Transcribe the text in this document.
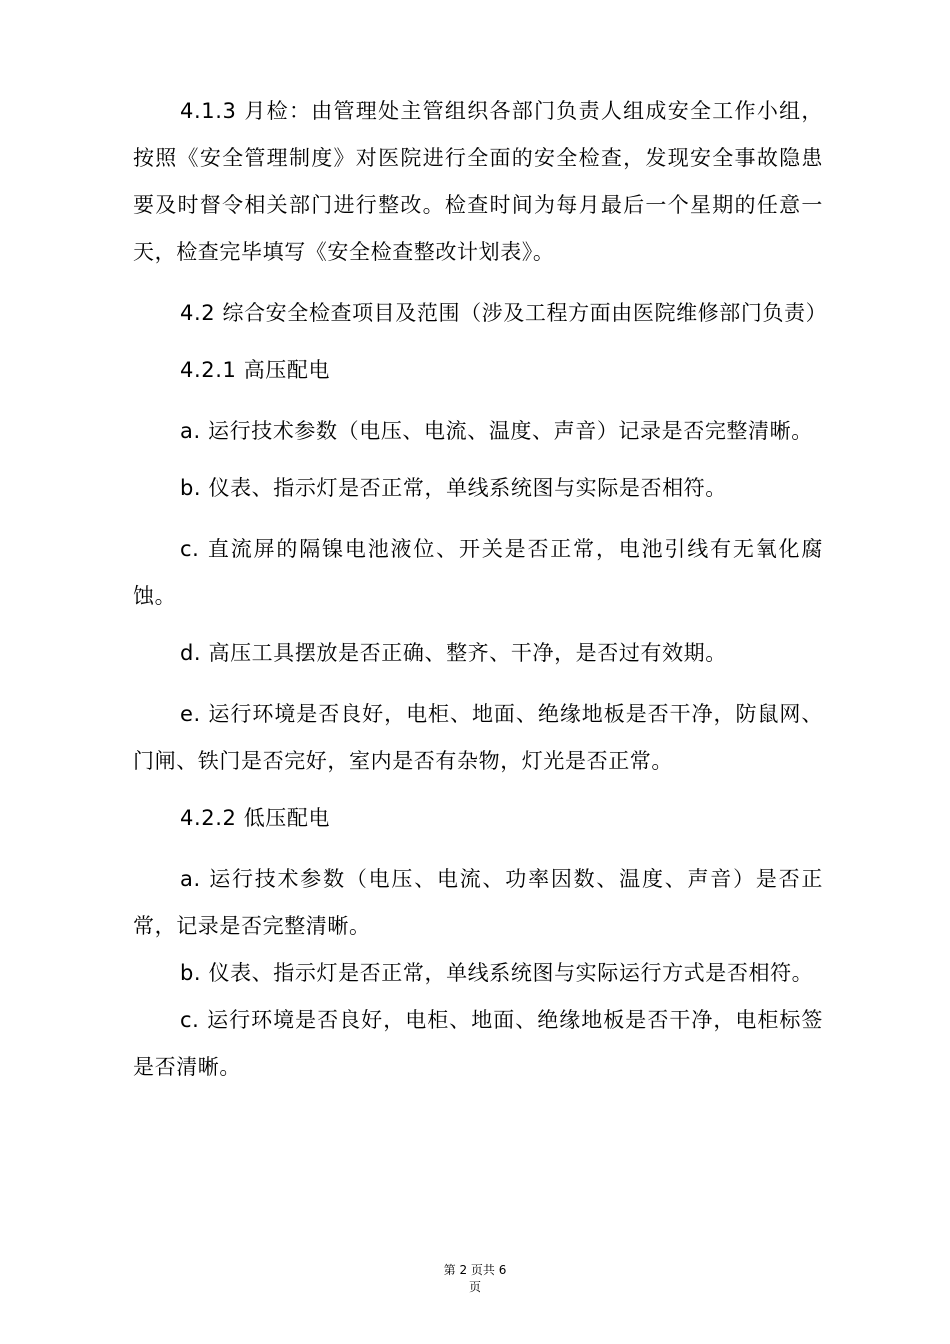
4.1.3 月检：由管理处主管组织各部门负责人组成安全工作小组，按照《安全管理制度》对医院进行全面的安全检查，发现安全事故隐患要及时督令相关部门进行整改。检查时间为每月最后一个星期的任意一天，检查完毕填写《安全检查整改计划表》。

4.2 综合安全检查项目及范围（涉及工程方面由医院维修部门负责）

4.2.1 高压配电

a. 运行技术参数（电压、电流、温度、声音）记录是否完整清晰。

b. 仪表、指示灯是否正常，单线系统图与实际是否相符。

c. 直流屏的隔镍电池液位、开关是否正常，电池引线有无氧化腐蚀。

d. 高压工具摆放是否正确、整齐、干净，是否过有效期。

e. 运行环境是否良好，电柜、地面、绝缘地板是否干净，防鼠网、门闸、铁门是否完好，室内是否有杂物，灯光是否正常。

4.2.2 低压配电

a. 运行技术参数（电压、电流、功率因数、温度、声音）是否正常，记录是否完整清晰。

b. 仪表、指示灯是否正常，单线系统图与实际运行方式是否相符。

c. 运行环境是否良好，电柜、地面、绝缘地板是否干净，电柜标签是否清晰。

第 2 页共 6
页
